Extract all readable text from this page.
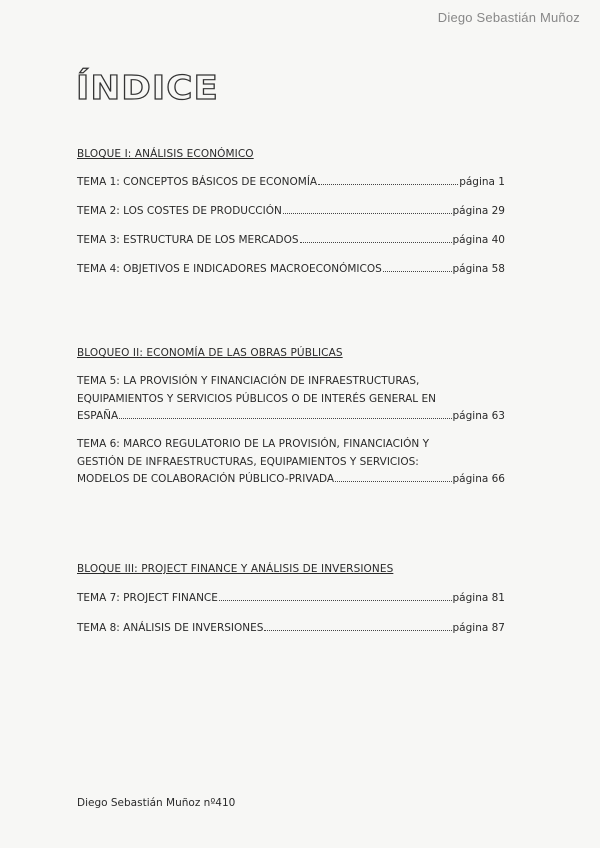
Diego Sebastián Muñoz
ÍNDICE
BLOQUE I: ANÁLISIS ECONÓMICO
TEMA 1: CONCEPTOS BÁSICOS DE ECONOMÍA	página 1
TEMA 2: LOS COSTES DE PRODUCCIÓN	página 29
TEMA 3: ESTRUCTURA DE LOS MERCADOS	página 40
TEMA 4: OBJETIVOS E INDICADORES MACROECONÓMICOS	página 58
BLOQUEO II: ECONOMÍA DE LAS OBRAS PÚBLICAS
TEMA 5: LA PROVISIÓN Y FINANCIACIÓN DE INFRAESTRUCTURAS,
EQUIPAMIENTOS Y SERVICIOS PÚBLICOS O DE INTERÉS GENERAL EN
ESPAÑA	página 63
TEMA 6: MARCO REGULATORIO DE LA PROVISIÓN, FINANCIACIÓN Y
GESTIÓN DE INFRAESTRUCTURAS, EQUIPAMIENTOS Y SERVICIOS:
MODELOS DE COLABORACIÓN PÚBLICO-PRIVADA	página 66
BLOQUE III: PROJECT FINANCE Y ANÁLISIS DE INVERSIONES
TEMA 7: PROJECT FINANCE	página 81
TEMA 8: ANÁLISIS DE INVERSIONES	página 87
Diego Sebastián Muñoz nº410
